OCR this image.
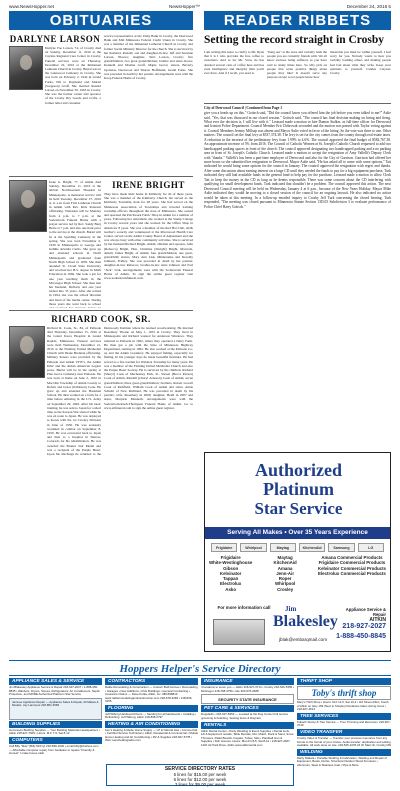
www.NewsHopper.net	NewsHopper™	December 24, 2016 5
OBITUARIES	READER RIBBETS
DARLYNE LARSON

Darlyne Fae Larson, 74, of Crosby died on Sunday, December 11, 2016 at the Cuyuna Regional Care Center in Crosby. Funeral services were on Thursday, December 22, 2016 at the Immanuel Lutheran Church in Crosby. Burial was in the Lakewood Cemetery in Crosby. She was born on February 2, 1942 in Grand Forks, ND to Raymond and Muriel (Sorgeson) Graff. She married Ronald Larson on November 30, 1963 in Crosby. She was the former owner and operator of the Crosby Dry Goods and Crafts, a former teller and customer

service representative at the Unity Bank in Crosby, the Deerwood Bank and Mid Minnesota Federal Credit Union in Crosby. She was a member of the Immanuel Lutheran Church in Crosby and former Social Ministry Director for the church. She is survived by her husband, Ronald; son and daughter-in-law, Jeff and Suzanne Larson, Nisswa; daughter, Terri Larson, Crosby; five grandchildren; two great grandchildren; brother and sister-in-law, Kenneth and Maxine Graff, Maple Grove; sisters, Beverly Gjomaas, Deerwood and Sharon Hoffmann, Grand Forks. She was preceded in death by her parents. Arrangements were with the Koop Funeral Home of Crosby.

IRENE BRIGHT

Irene G. Bright, 77, of Aitkin died Sunday, December 11, 2016 at the Abbott Northwestern Hospital in Minneapolis. A memorial service will be held Tuesday, December 27, 2016 at 11 a.m. from First Lutheran Church in Aitkin with Rev. Rick Peterson officiating. Visitation will be Monday from 4 p.m. to 7 p.m. at the Soderstrom Funeral Home with a prayer service led by Rev. Sandy Berg Holte at 7 p.m. and also one hour prior to the service at the church. Burial will be at the Spalding Cemetery in the spring. She was born November 6, 1939 in Minneapolis to George and Judithe Arlenitz Curtis. She grew up and attended schools in North Minneapolis and graduated from North High School in 1958. She then attended St. Cloud State University and received her B.S. degree in Math Education in 1969. She took a job for one year teaching math in the McGregor High School. She then met her husband, Richard, and one year turned into 35 years. After she retired in 1994, she was the school librarian and head of the media center. During those years she went back to school

They have made their home in Kimberly for all of these years. She was a member of the Kimberly Church, but served as the Kimberly Township clerk for 28 years. She had served on the Minnesota Association of Townships and traveled training township officers throughout the state of Minnesota. She owned and operated the Patchwork Fabric Shop in Aitkin for a number of years. Following her retirement, she worked at the Stamp Cottage in Crosby several years and she worked for the Office Shop in Aitkin for 8 years. She was a member of the Red Hat Club, AOK teacher's sorority and volunteered at the Riverwood Health Care Center, served on the Aitkin County Board of Adjustment and she was always busy with other community activities. She is survived by her husband Richard Bright, Aitkin; children and spouses, John (Rebecca) Bright, Hon. Christine (Dwight) Bright, Marveda, Aitkin; James Bright, of Aitkin; four grandchildren; one great-grandchild; sisters, Mary Ann Lisk, Minnetonka and Dorothy Johnson, Fridley. She was preceded in death by her parents; daughter-in-law Rebecca; brother-in-law Arne Johnson and Earl "Jack" Lisk. Arrangements were with the Soderstrom Funeral Home of Aitkin. To sign the online guest register visit www.soderstromfuneral.com.

RICHARD COOK, SR.

Richard R. Cook, Sr., 84, of Palisade died Thursday, December 15, 2016 at the Grand Itasca Hospital in Grand Rapids, Minnesota. Funeral services were held Wednesday, December 21, 2016 at the Fleming United Methodist Church with Diane Brennan officiating. Military honors were provided by the Palisade and Aitkin VFW's, the Aitkin DAV and the Aitkin American Legion posts. Burial will be in the spring at Pine Grove Cemetery near Palisade. He was born at home on June 2, 1932 in Macville Township of Aitkin County to Robert and Grace (Kittleson) Cook. He grew up and attended the Hassman School. He then worked on a farm for a time before enlisting in the U.S. Army on September 29, 1949. After his basic training, he was sent to Japan for a short time as the Korean War started while he was en route to Japan. He was deployed to Korea with the 1st Cavalry Division in June of 1950. He was seriously wounded in combat on September 8, 1950. He was evacuated back to Japan and then to a hospital in Denver, Colorado for his rehabilitation. He was awarded the Bronze Star Medal and was a recipient of the Purple Heart. Upon his discharge he returned to the

Dunwoody Institute where he learned woodworking. He married Rosemary Thorne on May 1, 1955 in Crosby. They lived in Minneapolis and Richard worked for Anderson Windows. They returned to Palisade in 1962, where they operated a Dairy Farm. He then got a job with the State of Minnesota Highway Department, retiring in 1992. He also worked at the Palisade Co-op and the Aitkin Creamery. He enjoyed fishing, especially ice fishing. In his younger days he made beautiful furniture. He had served as a fire warden for Waldeck Township for many years. He was a member of the Fleming United Methodist Church and also the Purple Heart Society. He is survived by his children: Richard (Sheryl) Cook of Machesney Park, IL, Steven (Becca Person) Cook of Aitkin, Randall (Cheryl Arneson) Cook of Aitkin; seven grandchildren; three great-grandchildren; brothers, Robert Lowell Cook of Richfield, William Cook of Aitkin and sister, Annis Schultz of New Richland. He was preceded in death by his parents; wife, Rosemary in 2000; daughter, Heidi in 2007 and sister, Marjorie Mannoth. Arrangements were with the Soderstrom-Roeh-Thompson Funeral Home of Aitkin. Go to www.srtfuneral.com to sign the online guest register.

Setting the record straight in Crosby

I am writing this letter to clarify to Mr. Ryan that it is I who provides the free coffee to customers. And as for Mr. Stow, he has donated several cans of coffee here and has even intelligence and integrity than you'll ever have. And if I recall, you used to

"hang out" at the store and verbally bash the people you are currently friends with. We all know excuses being suffered, as you have said so many times here. So why pick on people that write positive things about people they like? It doesn't serve any purpose except to let people know how

miserable you must be within yourself. I feel sorry for you. Nobody wants to hear you verbally bashing others and making people feel bad about what they write. Keep your opinions to yourself. Candee Clayton, Crosby

City of Deerwood Council | Continued from Page 1

give you a heads up on this." Gottsch said, "Did the council know you offered him the job before you even talked to me?" Aulie said, "Yes, that was discussed in our closed session." Gottsch said, "The council has final decision making on hiring and firing. What ever the decision is, I will live with it." Leonard made a motion to hire Damon Stalker, as full-time officer for Deerwood and Ironton Police Department. Council Member Eric Dobrovak seconded and the motion was passed with Taylor voting against it. Council Members Jeremy Millsap was absent and Mayor Aulie voted in favor of the hiring. So the vote was three to one. Other matters: The council set the final levy at $537,374.38. The levy is set for the city comes from the county through real estate taxes. A reduction in the increase of the preliminary levy from 1.99% to 4.6%. The council approved the final budget of $582,767.38. An approximate increase of 5% from 2016. The Council of Catholic Women at St. Joseph's Catholic Church requested to add two handicapped parking spaces in front of the church. The council approved designating two handicapped parking and a no parking area in front of St. Joseph's Catholic Church. Leonard made a motion to accept the resignation of Amy Vallelli's Deputy Clerk with "thanks." Vallelli's has been a part-time employee of Deerwood and also for the City of Garrison. Garrison had offered her more hours so she submitted her resignation to Deerwood. Mayor Aulie said, "He has asked all to come with some options." Tait indicated he would bring some options for the council in January. The council approved the resignation with regret and thanks. After some discussion about earning interest on a large CD until they needed the funds to pay for a big equipment purchase, Turk indicated they still had available funds in the general fund to help pay for the purchase. Leonard made a motion to allow Clerk Tait to keep the money in the CD as long as he deems responsible. There was some concern about the CD interfering with qualifying for small development funds. Turk indicated that shouldn't be a problem. The council approved this action. The next Deerwood Council meeting will be held on Wednesday, January 4 at 6 p.m., because of the New Years Holiday. Mayor Mike Aulie indicated they would be moving to a closed session of the council for an ongoing lawsuit. He also indicated no action would be taken at this meeting. In a follow-up emailed inquiry to Crosby Jeff Turk concerning the closed hearing, Turk responded, "The meeting was closed pursuant to Minnesota Statute Section 13D.05 Subdivision 3 to evaluate performance of Police Chief Harry Gottsch."

Authorized
Platinum
Star Service
Serving All Makes • Over 35 Years Experience
Frigidaire	Whirlpool	Maytag	KitchenAid	Samsung	LG
Frigidaire
White-Westinghouse
Gibson
Kelvinator
Tappan
Electrolux
Asko
Maytag
KitchenAid
Amana
Jenn-Air
Roper
Whirlpool
Crosley
Amana Commercial Products
Frigidaire Commercial Products
Kelvinator Commercial Products
Electrolux Commercial Products
For more information call	Jim
Blakesley
Appliance Service & Repair
AITKIN
218-927-2027
1-888-450-8845
jblak@embarqmail.com
Hoppers Helper's Service Directory
APPLIANCE SALES & SERVICE
Jim Blakesley Appliance Service & Repair 218-927-2027 • 1-888-450-8845 • Washers, Dryers, Stoves, Refrigerators, Air Conditioners, Septic Protection, and MORE Authorized Platinum Star Service
Jamnee Appliance Repair — Appliance Sales & Repair, All Makes & Models. Jay Lammers 218-851-3583
BUILDING SUPPLIES
Hometown Building Supplies — Your Building Materials Headquarters • Aitkin 218-927-7009 • Hours: M-F 7-5, Sat 8-12
COMPUTERS
Call Billy "Mac" (Billy McFry) 218-839-1630 • email billy@thefixes.com — Affordable computer repair, from hardware to repairs "Friendly & Honest" I make house calls
CONTRACTORS
Rattle Remodeling & Construction — Custom Built Homes • Remodeling • Garages • New Additions • Pole Buildings • General Contracting • Insurance Claims — Dave Kotka, Aitkin, Lic. #BC638819 www.rattleremodelingandconstruction.com 218-678-3483 • 218-839-4155
FLOORING
Jeff Wiborg Hardwood Floors — Sanding for all hardwoods • Installing • Refinishing. Jeff Wiborg, Aitkin 218-838-2797
HEATING & AIR CONDITIONING
Ken's Heating & Radio Home Supply — LP & Natural Gas • Commercial • Certified Service Technician • Aitkin. Residential & Commercial • Mobile Home Heating and Air Conditioning • RV & Supplies 218-927-6778 • Web: kensheatingradio.com
INSURANCE
4 locations to serve you — Aitkin 218-927-3713 • Crosby 218-546-5355 • McGregor 218-768-3759 • Isle 320-676-3488
SECURITY STATE INSURANCE
PET CARE & SERVICES
Dogsdelis • 218-927-6353 — Located at the Dog Center Full service grooming & boarding, Sewing items & Daycare
RENTALS
Aitkin Rental Center • Party Wedding & Event Supplies • Rental tools, Lift & Equipment rentals, Table Rentals, Dirt, Mulch, Rock & Sand, Snow Throwers, Pallet Boards, Kayaks, Tubes, Skis • Paintball Gun & Supplies • Fish Houses. Hours: Mon-Fri 8-5, Sat 8-12 • 218-927-2607 1201 Air Park Drive, Aitkin www.aitkinrental.com
THRIFT SHOP
Toby's thrift shop
Mary's Thrift Shop • Hours: M-F 11-5, Sat 10-4 • 3rd Street Aitkin, South of Aitkin on Hwy 169 (Next to Shopko) Donations taken during hours • 218-927-4613
TREE SERVICES
Kulseth Stump & Tree Service — Tree Trimming and Removal • 218-927-3740
VIDEO TRANSFER
Crosby Video & Transfer — Transfer your precious memories from any format to the format of your choice. Audio transfer, duplication and editing available. All work done on site. 218-545-1078 24 W. Main St. Crosby MN
WELDING
Marty Makela • Portable Welding & Fabrication, Welding and Repair of Equipment, Boats, Docks, Structural Outdoor Wood Furnaces • Aluminum, Steel & Stainless Cast • Pipe & More
SERVICE DIRECTORY RATES
5 lines for $15.00 per week
6 lines for $12.00 per week
3 lines for $9.00 per week
